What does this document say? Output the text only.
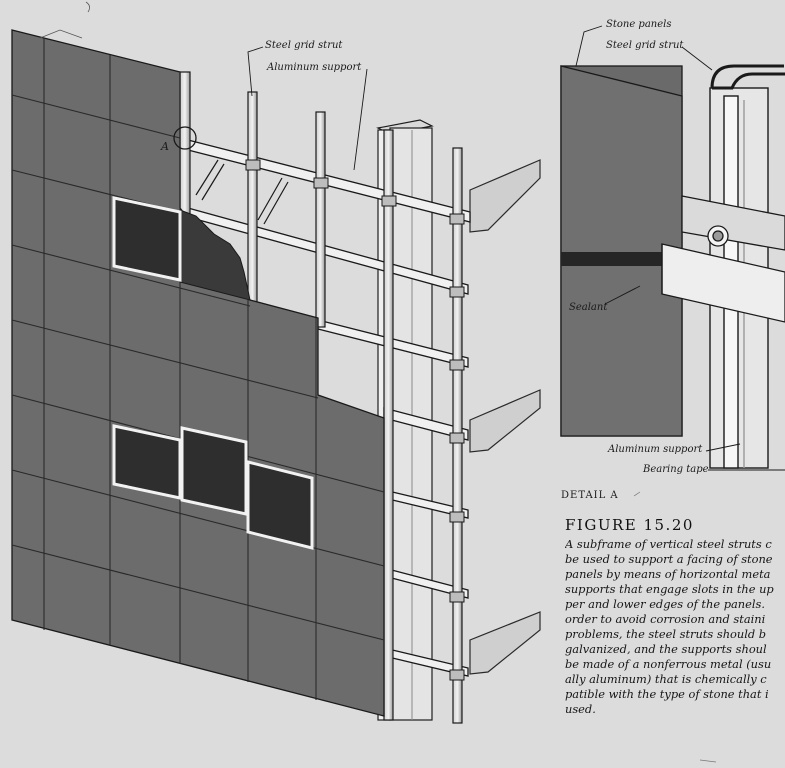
Steel grid strut
Aluminum support
A
Stone panels
Steel grid strut
Sealant
Aluminum support
Bearing tape
DETAIL A
FIGURE 15.20
A subframe of vertical steel struts c
be used to support a facing of stone
panels by means of horizontal meta
supports that engage slots in the up
per and lower edges of the panels.
order to avoid corrosion and staini
problems, the steel struts should b
galvanized, and the supports shoul
be made of a nonferrous metal (usu
ally aluminum) that is chemically c
patible with the type of stone that i
used.
